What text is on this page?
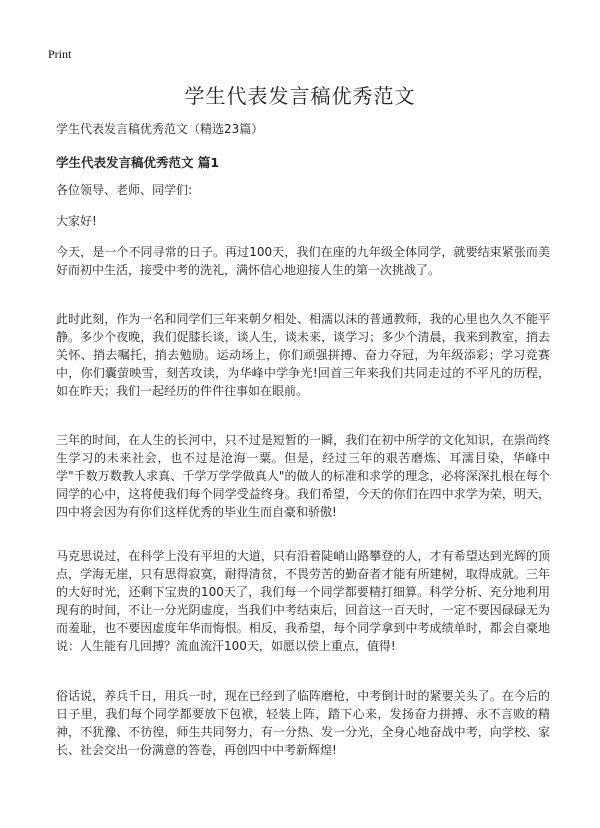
Print
学生代表发言稿优秀范文
学生代表发言稿优秀范文（精选23篇）
学生代表发言稿优秀范文 篇1

各位领导、老师、同学们:

大家好!

今天，是一个不同寻常的日子。再过100天，我们在座的九年级全体同学，就要结束紧张而美好而初中生活，接受中考的洗礼，满怀信心地迎接人生的第一次挑战了。

此时此刻，作为一名和同学们三年来朝夕相处、相濡以沫的普通教师，我的心里也久久不能平静。多少个夜晚，我们促膝长谈，谈人生，谈未来，谈学习；多少个清晨，我来到教室，捎去关怀、捎去嘱托，捎去勉励。运动场上，你们顽强拼搏、奋力夺冠，为年级添彩；学习竞赛中，你们囊萤映雪，刻苦攻读，为华峰中学争光!回首三年来我们共同走过的不平凡的历程，如在昨天；我们一起经历的件件往事如在眼前。

三年的时间，在人生的长河中，只不过是短暂的一瞬，我们在初中所学的文化知识，在崇尚终生学习的未来社会，也不过是沧海一粟。但是，经过三年的艰苦磨炼、耳濡目染，华峰中学"千数万数教人求真、千学万学学做真人"的做人的标准和求学的理念，必将深深扎根在每个同学的心中，这将使我们每个同学受益终身。我们希望，今天的你们在四中求学为荣，明天，四中将会因为有你们这样优秀的毕业生而自豪和骄傲!

马克思说过，在科学上没有平坦的大道，只有沿着陡峭山路攀登的人，才有希望达到光辉的顶点，学海无崖，只有思得寂寞，耐得清贫，不畏劳苦的勤奋者才能有所建树，取得成就。三年的大好时光，还剩下宝贵的100天了，我们每一个同学都要精打细算。科学分析、充分地利用现有的时间，不让一分光阴虚度，当我们中考结束后，回首这一百天时，一定不要因碌碌无为而羞耻，也不要因虚度年华而悔恨。相反，我希望，每个同学拿到中考成绩单时，都会自豪地说：人生能有几回搏？流血流汗100天，如愿以偿上重点，值得!

俗话说，养兵千日，用兵一时，现在已经到了临阵磨枪，中考倒计时的紧要关头了。在今后的日子里，我们每个同学都要放下包袱，轻装上阵，踏下心来，发扬奋力拼搏、永不言败的精神，不犹豫、不彷徨，师生共同努力，有一分热、发一分光，全身心地奋战中考，向学校、家长、社会交出一份满意的答卷，再创四中中考新辉煌!
